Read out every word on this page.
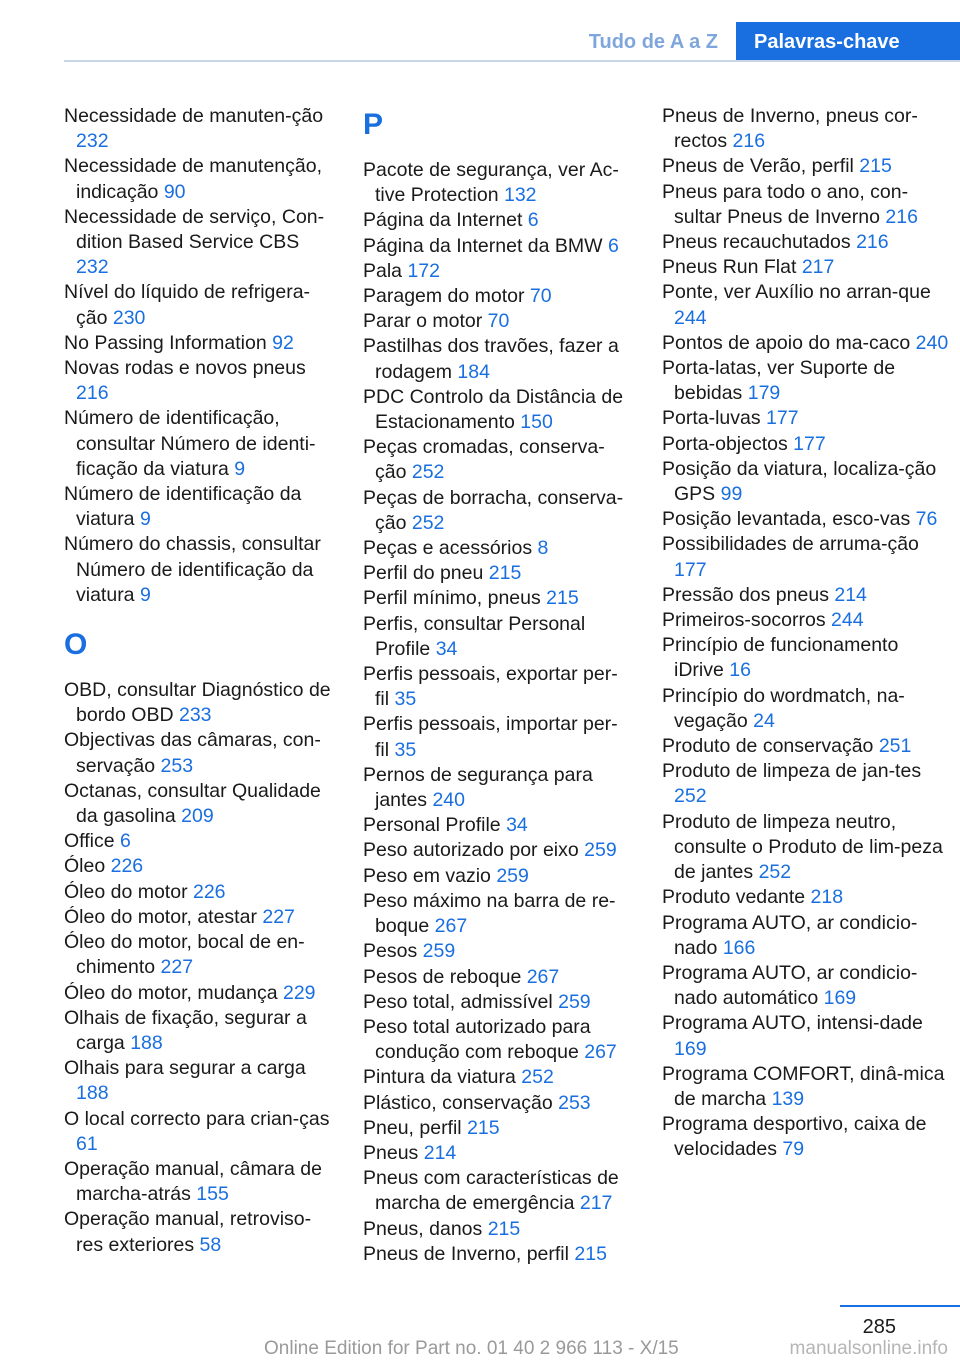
Tudo de A a Z	Palavras-chave
Necessidade de manuten-ção 232
Necessidade de manutenção, indicação 90
Necessidade de serviço, Con-dition Based Service CBS 232
Nível do líquido de refrigera-ção 230
No Passing Information 92
Novas rodas e novos pneus 216
Número de identificação, consultar Número de identi-ficação da viatura 9
Número de identificação da viatura 9
Número do chassis, consultar Número de identificação da viatura 9
O
OBD, consultar Diagnóstico de bordo OBD 233
Objectivas das câmaras, con-servação 253
Octanas, consultar Qualidade da gasolina 209
Office 6
Óleo 226
Óleo do motor 226
Óleo do motor, atestar 227
Óleo do motor, bocal de en-chimento 227
Óleo do motor, mudança 229
Olhais de fixação, segurar a carga 188
Olhais para segurar a carga 188
O local correcto para crian-ças 61
Operação manual, câmara de marcha-atrás 155
Operação manual, retroviso-res exteriores 58
P
Pacote de segurança, ver Ac-tive Protection 132
Página da Internet 6
Página da Internet da BMW 6
Pala 172
Paragem do motor 70
Parar o motor 70
Pastilhas dos travões, fazer a rodagem 184
PDC Controlo da Distância de Estacionamento 150
Peças cromadas, conserva-ção 252
Peças de borracha, conserva-ção 252
Peças e acessórios 8
Perfil do pneu 215
Perfil mínimo, pneus 215
Perfis, consultar Personal Profile 34
Perfis pessoais, exportar per-fil 35
Perfis pessoais, importar per-fil 35
Pernos de segurança para jantes 240
Personal Profile 34
Peso autorizado por eixo 259
Peso em vazio 259
Peso máximo na barra de re-boque 267
Pesos 259
Pesos de reboque 267
Peso total, admissível 259
Peso total autorizado para condução com reboque 267
Pintura da viatura 252
Plástico, conservação 253
Pneu, perfil 215
Pneus 214
Pneus com características de marcha de emergência 217
Pneus, danos 215
Pneus de Inverno, perfil 215
Pneus de Inverno, pneus cor-rectos 216
Pneus de Verão, perfil 215
Pneus para todo o ano, con-sultar Pneus de Inverno 216
Pneus recauchutados 216
Pneus Run Flat 217
Ponte, ver Auxílio no arran-que 244
Pontos de apoio do ma-caco 240
Porta-latas, ver Suporte de bebidas 179
Porta-luvas 177
Porta-objectos 177
Posição da viatura, localiza-ção GPS 99
Posição levantada, esco-vas 76
Possibilidades de arruma-ção 177
Pressão dos pneus 214
Primeiros-socorros 244
Princípio de funcionamento iDrive 16
Princípio do wordmatch, na-vegação 24
Produto de conservação 251
Produto de limpeza de jan-tes 252
Produto de limpeza neutro, consulte o Produto de lim-peza de jantes 252
Produto vedante 218
Programa AUTO, ar condicio-nado 166
Programa AUTO, ar condicio-nado automático 169
Programa AUTO, intensi-dade 169
Programa COMFORT, dinâ-mica de marcha 139
Programa desportivo, caixa de velocidades 79
285
Online Edition for Part no. 01 40 2 966 113 - X/15	manualsonline.info
